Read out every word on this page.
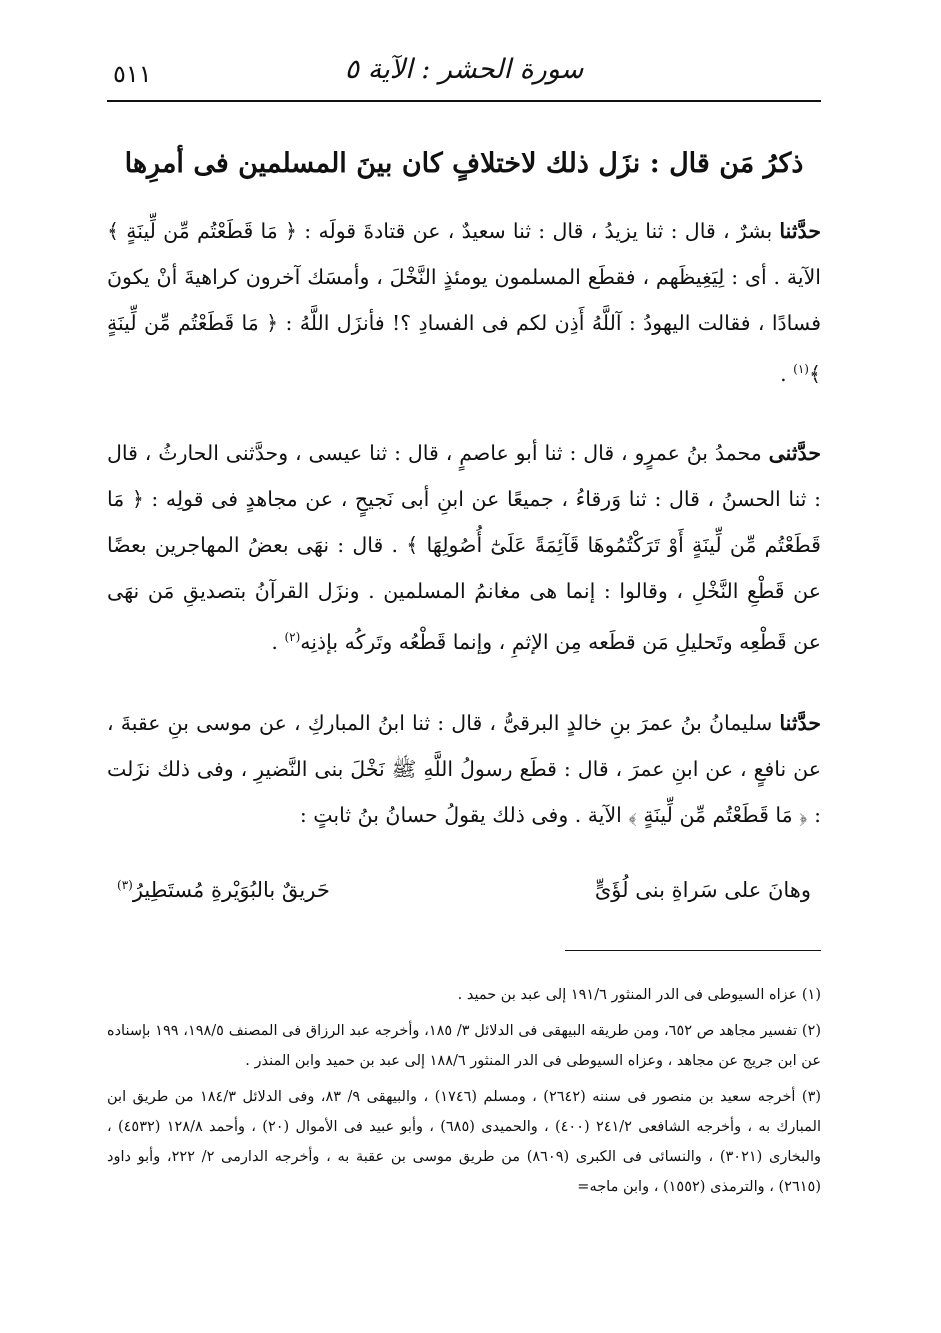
٥١١	سورة الحشر : الآية ٥
ذكرُ مَن قال : نزَل ذلك لاختلافٍ كان بينَ المسلمين فى أمرِها

حدَّثنا بشرٌ ، قال : ثنا يزيدُ ، قال : ثنا سعيدٌ ، عن قتادةَ قولَه : ﴿ مَا قَطَعْتُم مِّن لِّينَةٍ ﴾ الآية . أى : لِيَغِيظَهم ، فقطَع المسلمون يومئذٍ النَّخْلَ ، وأمسَك آخرون كراهيةَ أنْ يكونَ فسادًا ، فقالت اليهودُ : آللَّهُ أَذِن لكم فى الفسادِ ؟! فأنزَل اللَّهُ : ﴿ مَا قَطَعْتُم مِّن لِّينَةٍ ﴾$^{(١)}$ .

حدَّثنى محمدُ بنُ عمرٍو ، قال : ثنا أبو عاصمٍ ، قال : ثنا عيسى ، وحدَّثنى الحارثُ ، قال : ثنا الحسنُ ، قال : ثنا وَرقاءُ ، جميعًا عن ابنِ أبى نَجيحٍ ، عن مجاهدٍ فى قولِه : ﴿ مَا قَطَعْتُم مِّن لِّينَةٍ أَوْ تَرَكْتُمُوهَا قَآئِمَةً عَلَىٰٓ أُصُولِهَا ﴾ . قال : نهَى بعضُ المهاجرين بعضًا عن قَطْعِ النَّخْلِ ، وقالوا : إنما هى مغانمُ المسلمين . ونزَل القرآنُ بتصديقِ مَن نهَى عن قَطْعِه وتَحليلِ مَن قطَعه مِن الإثمِ ، وإنما قَطْعُه وتَركُه بإذنِه$^{(٢)}$ .

حدَّثنا سليمانُ بنُ عمرَ بنِ خالدٍ البرقىُّ ، قال : ثنا ابنُ المباركِ ، عن موسى بنِ عقبةَ ، عن نافعٍ ، عن ابنِ عمرَ ، قال : قطَع رسولُ اللَّهِ ﷺ نَخْلَ بنى النَّضيرِ ، وفى ذلك نزَلت : ﴿ مَا قَطَعْتُم مِّن لِّينَةٍ ﴾ الآية . وفى ذلك يقولُ حسانُ بنُ ثابتٍ :

وهانَ على سَراةِ بنى لُؤَىٍّ
حَريقٌ بالبُوَيْرةِ مُستَطِيرُ$^{(٣)}$

(١) عزاه السيوطى فى الدر المنثور ١٩١/٦ إلى عبد بن حميد .

(٢) تفسير مجاهد ص ٦٥٢، ومن طريقه البيهقى فى الدلائل ٣/ ١٨٥، وأخرجه عبد الرزاق فى المصنف ١٩٨/٥، ١٩٩ بإسناده عن ابن جريج عن مجاهد ، وعزاه السيوطى فى الدر المنثور ١٨٨/٦ إلى عبد بن حميد وابن المنذر .

(٣) أخرجه سعيد بن منصور فى سننه (٢٦٤٢) ، ومسلم (١٧٤٦) ، والبيهقى ٩/ ٨٣، وفى الدلائل ١٨٤/٣ من طريق ابن المبارك به ، وأخرجه الشافعى ٢٤١/٢ (٤٠٠) ، والحميدى (٦٨٥) ، وأبو عبيد فى الأموال (٢٠) ، وأحمد ١٢٨/٨ (٤٥٣٢) ، والبخارى (٣٠٢١) ، والنسائى فى الكبرى (٨٦٠٩) من طريق موسى بن عقبة به ، وأخرجه الدارمى ٢/ ٢٢٢، وأبو داود (٢٦١٥) ، والترمذى (١٥٥٢) ، وابن ماجه=
